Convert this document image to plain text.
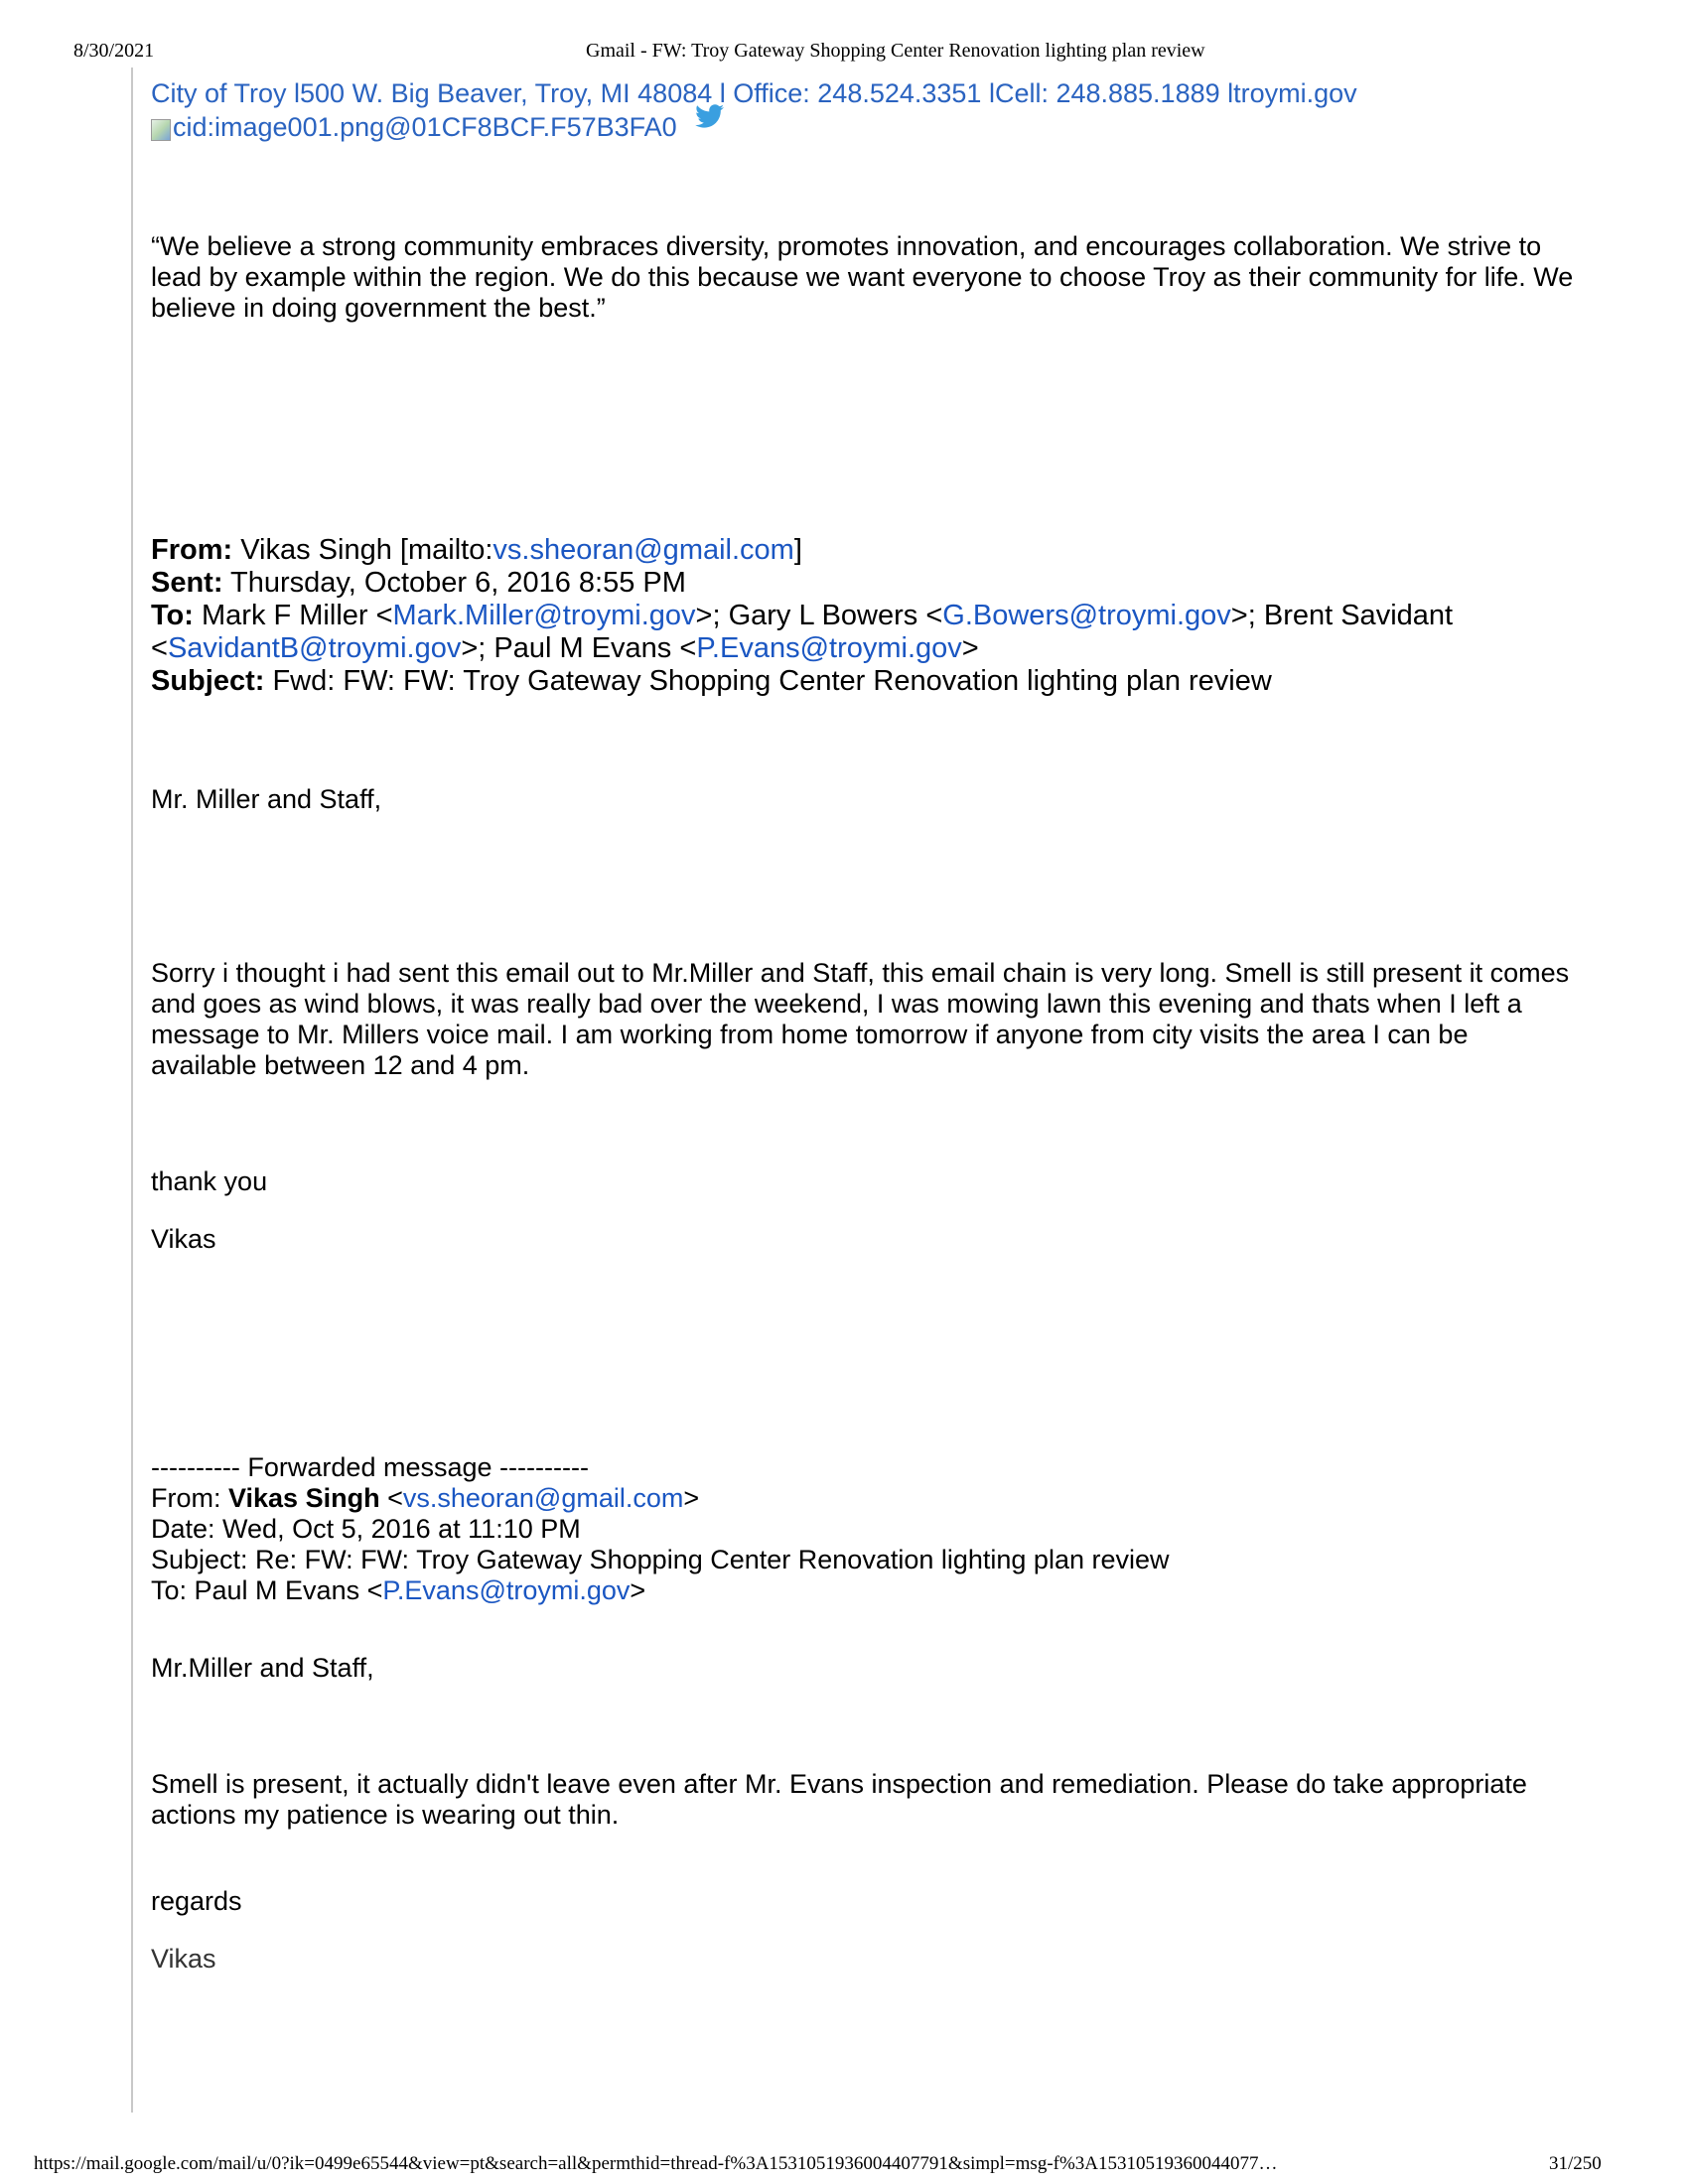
8/30/2021	Gmail - FW: Troy Gateway Shopping Center Renovation lighting plan review
City of Troy l500 W. Big Beaver, Troy, MI 48084 l Office: 248.524.3351 lCell: 248.885.1889 ltroymi.gov
cid:image001.png@01CF8BCF.F57B3FA0

“We believe a strong community embraces diversity, promotes innovation, and encourages collaboration. We strive to lead by example within the region. We do this because we want everyone to choose Troy as their community for life. We believe in doing government the best.”

From: Vikas Singh [mailto:vs.sheoran@gmail.com]
Sent: Thursday, October 6, 2016 8:55 PM
To: Mark F Miller <Mark.Miller@troymi.gov>; Gary L Bowers <G.Bowers@troymi.gov>; Brent Savidant
<SavidantB@troymi.gov>; Paul M Evans <P.Evans@troymi.gov>
Subject: Fwd: FW: FW: Troy Gateway Shopping Center Renovation lighting plan review

Mr. Miller and Staff,

Sorry i thought i had sent this email out to Mr.Miller and Staff, this email chain is very long. Smell is still present it comes and goes as wind blows, it was really bad over the weekend, I was mowing lawn this evening and thats when I left a message to Mr. Millers voice mail. I am working from home tomorrow if anyone from city visits the area I can be available between 12 and 4 pm.

thank you

Vikas

---------- Forwarded message ----------
From: Vikas Singh <vs.sheoran@gmail.com>
Date: Wed, Oct 5, 2016 at 11:10 PM
Subject: Re: FW: FW: Troy Gateway Shopping Center Renovation lighting plan review
To: Paul M Evans <P.Evans@troymi.gov>

Mr.Miller and Staff,

Smell is present, it actually didn't leave even after Mr. Evans inspection and remediation. Please do take appropriate actions my patience is wearing out thin.

regards

Vikas

https://mail.google.com/mail/u/0?ik=0499e65544&view=pt&search=all&permthid=thread-f%3A1531051936004407791&simpl=msg-f%3A15310519360044077…	31/250
